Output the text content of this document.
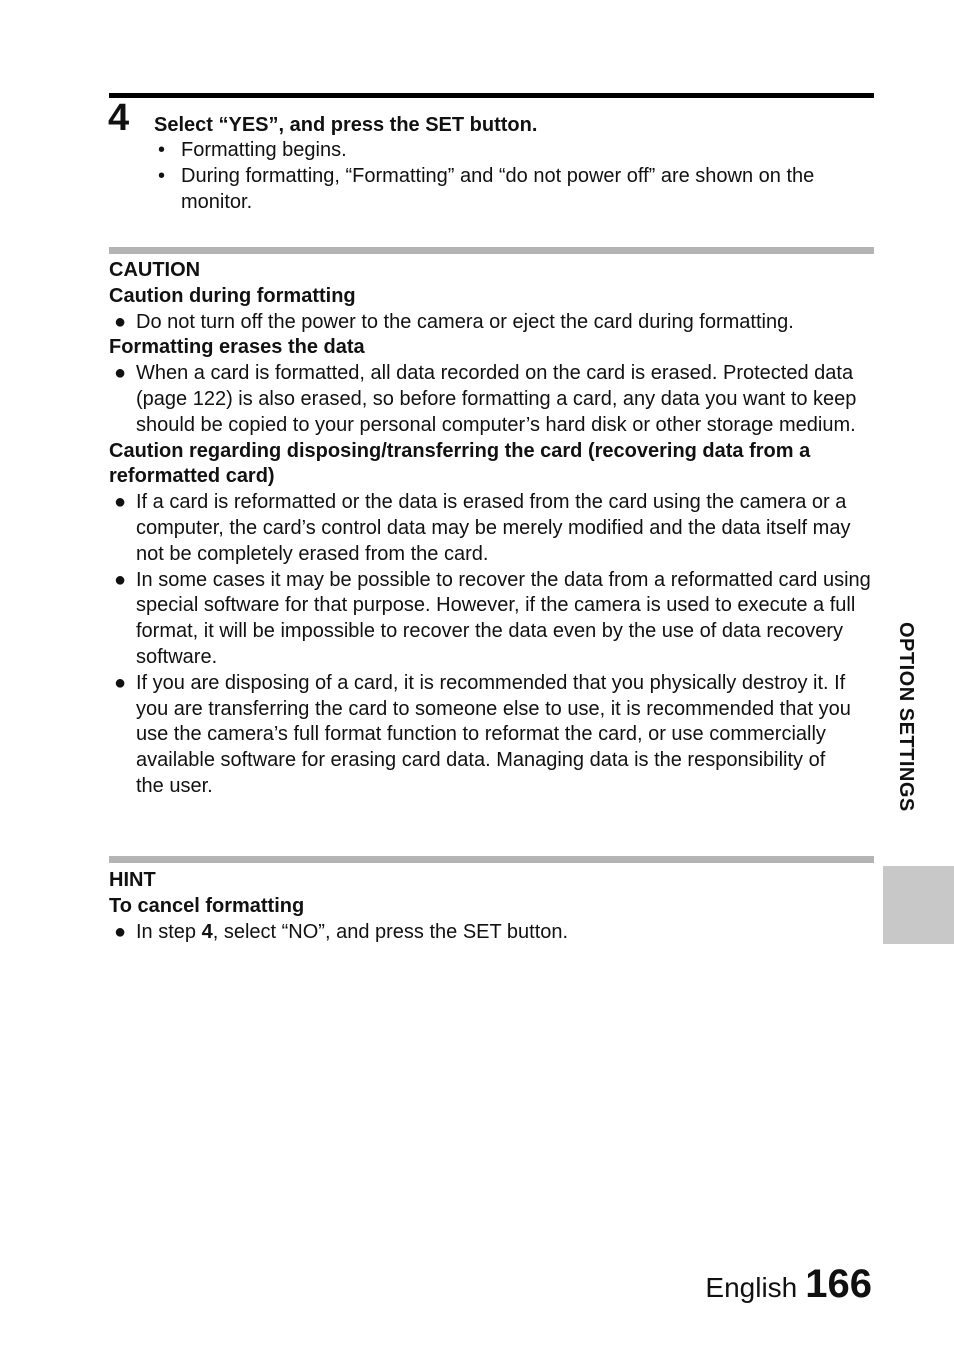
4 Select “YES”, and press the SET button.
• Formatting begins.
• During formatting, “Formatting” and “do not power off” are shown on the monitor.
CAUTION
Caution during formatting
● Do not turn off the power to the camera or eject the card during formatting.
Formatting erases the data
● When a card is formatted, all data recorded on the card is erased. Protected data (page 122) is also erased, so before formatting a card, any data you want to keep should be copied to your personal computer’s hard disk or other storage medium.
Caution regarding disposing/transferring the card (recovering data from a reformatted card)
● If a card is reformatted or the data is erased from the card using the camera or a computer, the card’s control data may be merely modified and the data itself may not be completely erased from the card.
● In some cases it may be possible to recover the data from a reformatted card using special software for that purpose. However, if the camera is used to execute a full format, it will be impossible to recover the data even by the use of data recovery software.
● If you are disposing of a card, it is recommended that you physically destroy it. If you are transferring the card to someone else to use, it is recommended that you use the camera’s full format function to reformat the card, or use commercially available software for erasing card data. Managing data is the responsibility of the user.
HINT
To cancel formatting
● In step 4, select “NO”, and press the SET button.
OPTION SETTINGS
English 166
